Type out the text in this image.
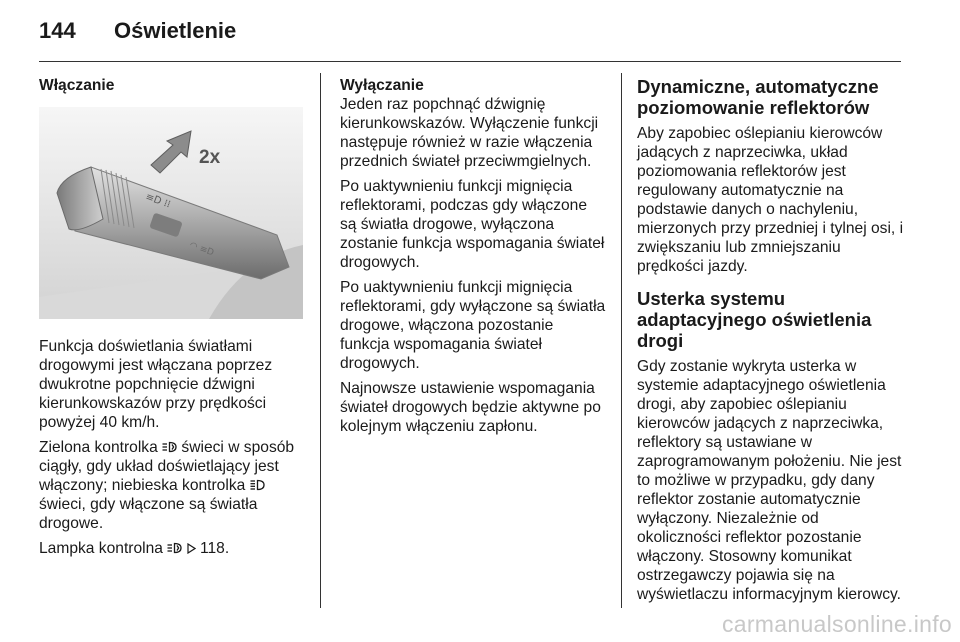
144 Oświetlenie

Włączanie

≡D ⁞⁞
◠ ≡D
2x

Funkcja doświetlania światłami drogowymi jest włączana poprzez dwukrotne popchnięcie dźwigni kierunkowskazów przy prędkości powyżej 40 km/h.

Zielona kontrolka  świeci w sposób ciągły, gdy układ doświetlający jest włączony; niebieska kontrolka  świeci, gdy włączone są światła drogowe.

Lampka kontrolna   118.

Wyłączanie

Jeden raz popchnąć dźwignię kierunkowskazów. Wyłączenie funkcji następuje również w razie włączenia przednich świateł przeciwmgielnych.

Po uaktywnieniu funkcji mignięcia reflektorami, podczas gdy włączone są światła drogowe, wyłączona zostanie funkcja wspomagania świateł drogowych.

Po uaktywnieniu funkcji mignięcia reflektorami, gdy wyłączone są światła drogowe, włączona pozostanie funkcja wspomagania świateł drogowych.

Najnowsze ustawienie wspomagania świateł drogowych będzie aktywne po kolejnym włączeniu zapłonu.

Dynamiczne, automatyczne poziomowanie reflektorów

Aby zapobiec oślepianiu kierowców jadących z naprzeciwka, układ poziomowania reflektorów jest regulowany automatycznie na podstawie danych o nachyleniu, mierzonych przy przedniej i tylnej osi, i zwiększaniu lub zmniejszaniu prędkości jazdy.

Usterka systemu adaptacyjnego oświetlenia drogi

Gdy zostanie wykryta usterka w systemie adaptacyjnego oświetlenia drogi, aby zapobiec oślepianiu kierowców jadących z naprzeciwka, reflektory są ustawiane w zaprogramowanym położeniu. Nie jest to możliwe w przypadku, gdy dany reflektor zostanie automatycznie wyłączony. Niezależnie od okoliczności reflektor pozostanie włączony. Stosowny komunikat ostrzegawczy pojawia się na wyświetlaczu informacyjnym kierowcy.

carmanualsonline.info
